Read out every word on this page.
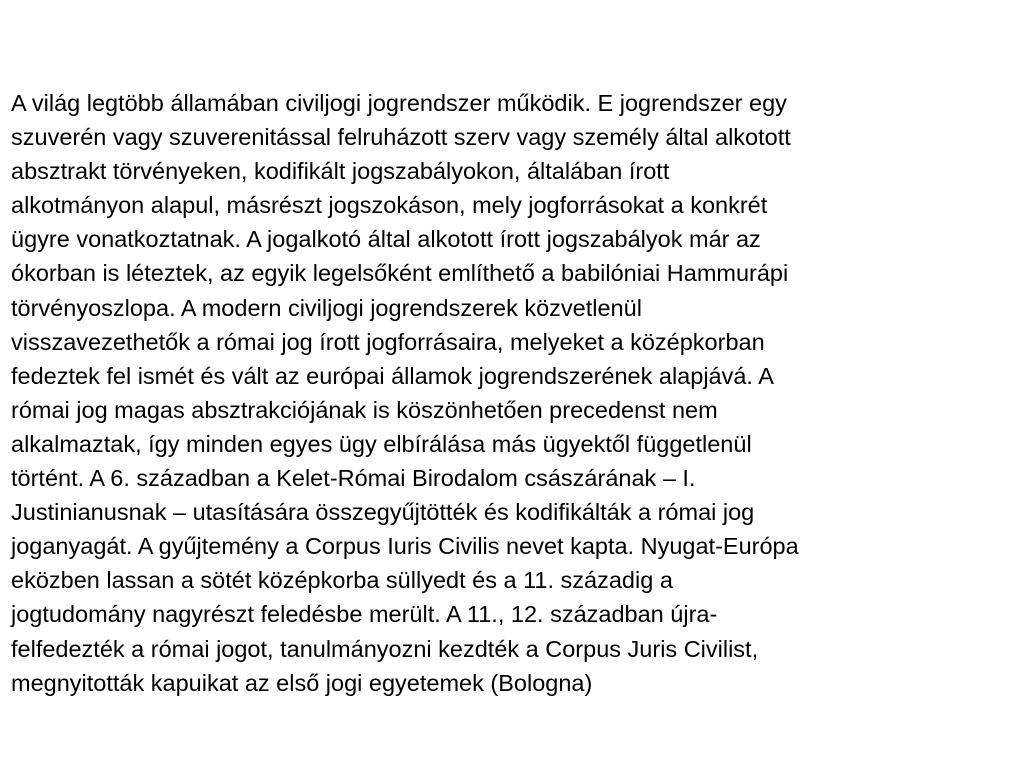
A világ legtöbb államában civiljogi jogrendszer működik. E jogrendszer egy
szuverén vagy szuverenitással felruházott szerv vagy személy által alkotott
absztrakt törvényeken, kodifikált jogszabályokon, általában írott
alkotmányon alapul, másrészt jogszokáson, mely jogforrásokat a konkrét
ügyre vonatkoztatnak. A jogalkotó által alkotott írott jogszabályok már az
ókorban is léteztek, az egyik legelsőként említhető a babilóniai Hammurápi
törvényoszlopa. A modern civiljogi jogrendszerek közvetlenül
visszavezethetők a római jog írott jogforrásaira, melyeket a középkorban
fedeztek fel ismét és vált az európai államok jogrendszerének alapjává. A
római jog magas absztrakciójának is köszönhetően precedenst nem
alkalmaztak, így minden egyes ügy elbírálása más ügyektől függetlenül
történt. A 6. században a Kelet-Római Birodalom császárának – I.
Justinianusnak – utasítására összegyűjtötték és kodifikálták a római jog
joganyagát. A gyűjtemény a Corpus Iuris Civilis nevet kapta. Nyugat-Európa
eközben lassan a sötét középkorba süllyedt és a 11. századig a
jogtudomány nagyrészt feledésbe merült. A 11., 12. században újra-
felfedezték a római jogot, tanulmányozni kezdték a Corpus Juris Civilist,
megnyitották kapuikat az első jogi egyetemek (Bologna)
